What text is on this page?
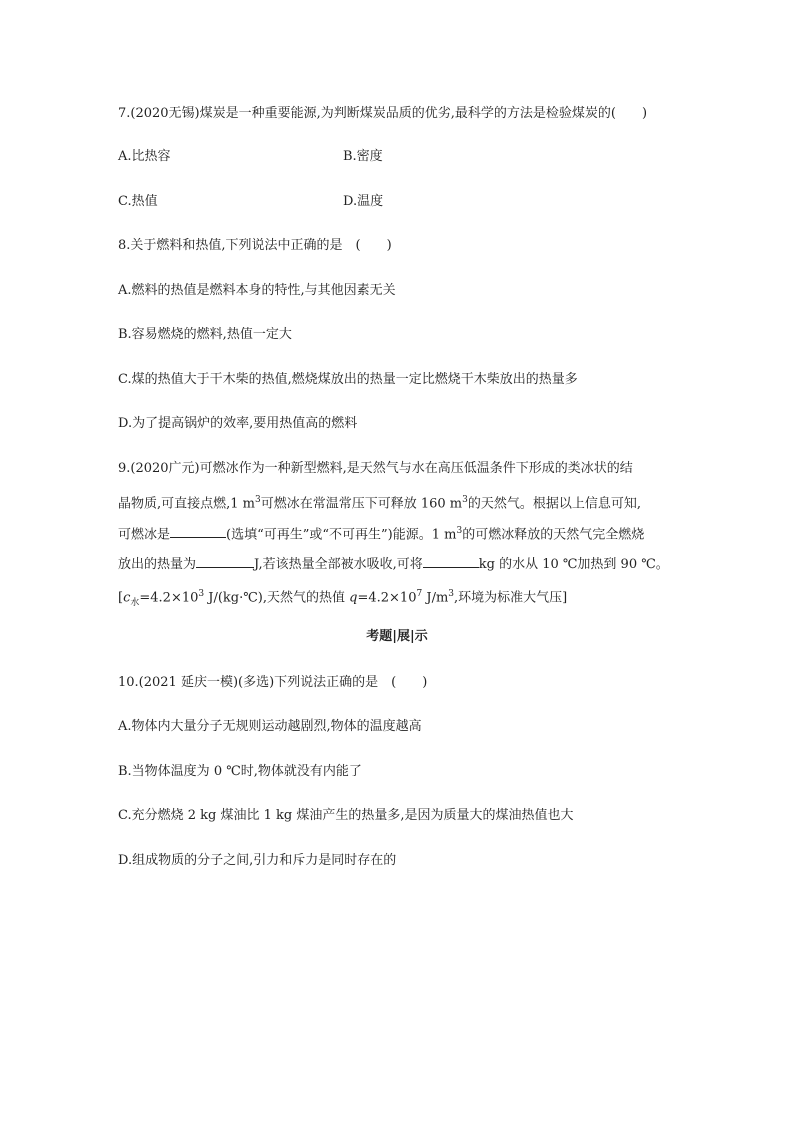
7.(2020无锡)煤炭是一种重要能源,为判断煤炭品质的优劣,最科学的方法是检验煤炭的(　　)
A.比热容	B.密度
C.热值	D.温度
8.关于燃料和热值,下列说法中正确的是　(　　)
A.燃料的热值是燃料本身的特性,与其他因素无关
B.容易燃烧的燃料,热值一定大
C.煤的热值大于干木柴的热值,燃烧煤放出的热量一定比燃烧干木柴放出的热量多
D.为了提高锅炉的效率,要用热值高的燃料
9.(2020广元)可燃冰作为一种新型燃料,是天然气与水在高压低温条件下形成的类冰状的结
晶物质,可直接点燃,1 $m^3$可燃冰在常温常压下可释放 160 $m^3$的天然气。根据以上信息可知,
可燃冰是	(选填“可再生”或“不可再生”)能源。1 $m^3$的可燃冰释放的天然气完全燃烧
放出的热量为	J,若该热量全部被水吸收,可将	kg 的水从 10 ℃加热到 90 ℃。
[$c_水=4.2\times 10^3$ J/(kg·℃),天然气的热值 $q=4.2\times 10^7$ $J/m^3$,环境为标准大气压]
考题|展|示
10.(2021 延庆一模)(多选)下列说法正确的是　(　　)
A.物体内大量分子无规则运动越剧烈,物体的温度越高
B.当物体温度为 0 ℃时,物体就没有内能了
C.充分燃烧 2 kg 煤油比 1 kg 煤油产生的热量多,是因为质量大的煤油热值也大
D.组成物质的分子之间,引力和斥力是同时存在的
